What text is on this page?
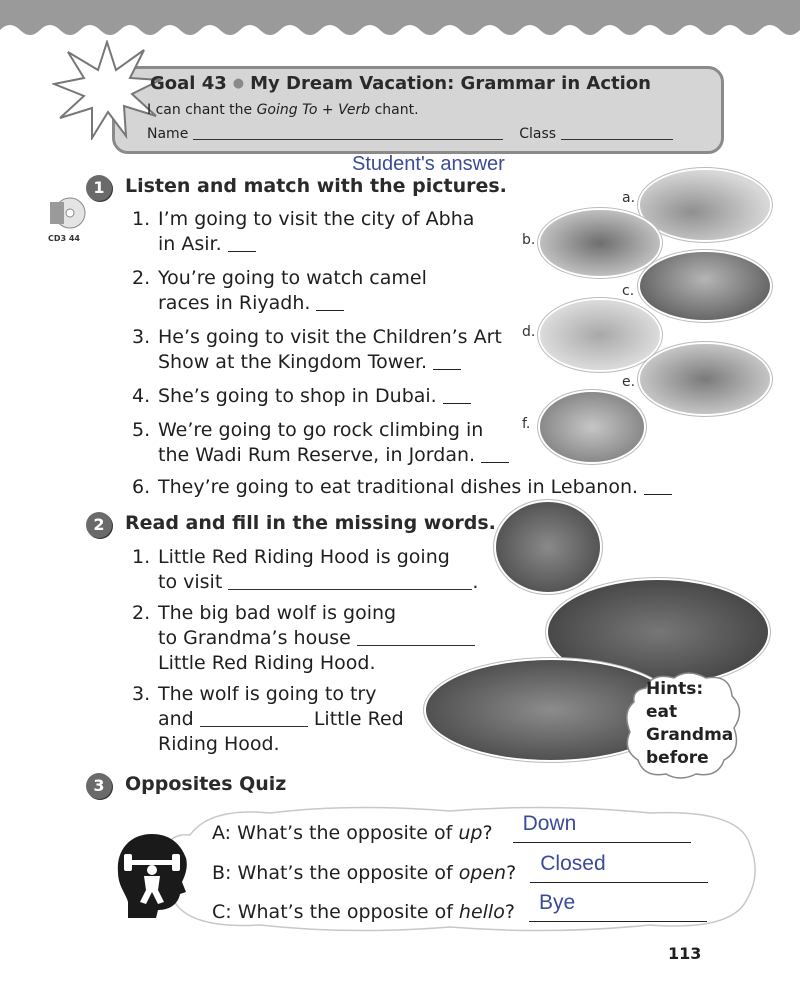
Goal 43 ● My Dream Vacation: Grammar in Action
I can chant the Going To + Verb chant.
Name	Class
Student's answer
1	Listen and match with the pictures.
CD3 44
1. I’m going to visit the city of Abha
in Asir.
2. You’re going to watch camel
races in Riyadh.
3. He’s going to visit the Children’s Art
Show at the Kingdom Tower.
4. She’s going to shop in Dubai.
5. We’re going to go rock climbing in
the Wadi Rum Reserve, in Jordan.
6. They’re going to eat traditional dishes in Lebanon.
a.
b.
c.
d.
e.
f.
2	Read and fill in the missing words.
1. Little Red Riding Hood is going
to visit	.
2. The big bad wolf is going
to Grandma’s house
Little Red Riding Hood.
3. The wolf is going to try
and	Little Red
Riding Hood.
Hints:
eat
Grandma
before
3	Opposites Quiz
A: What’s the opposite of up? Down
B: What’s the opposite of open? Closed
C: What’s the opposite of hello? Bye
113
